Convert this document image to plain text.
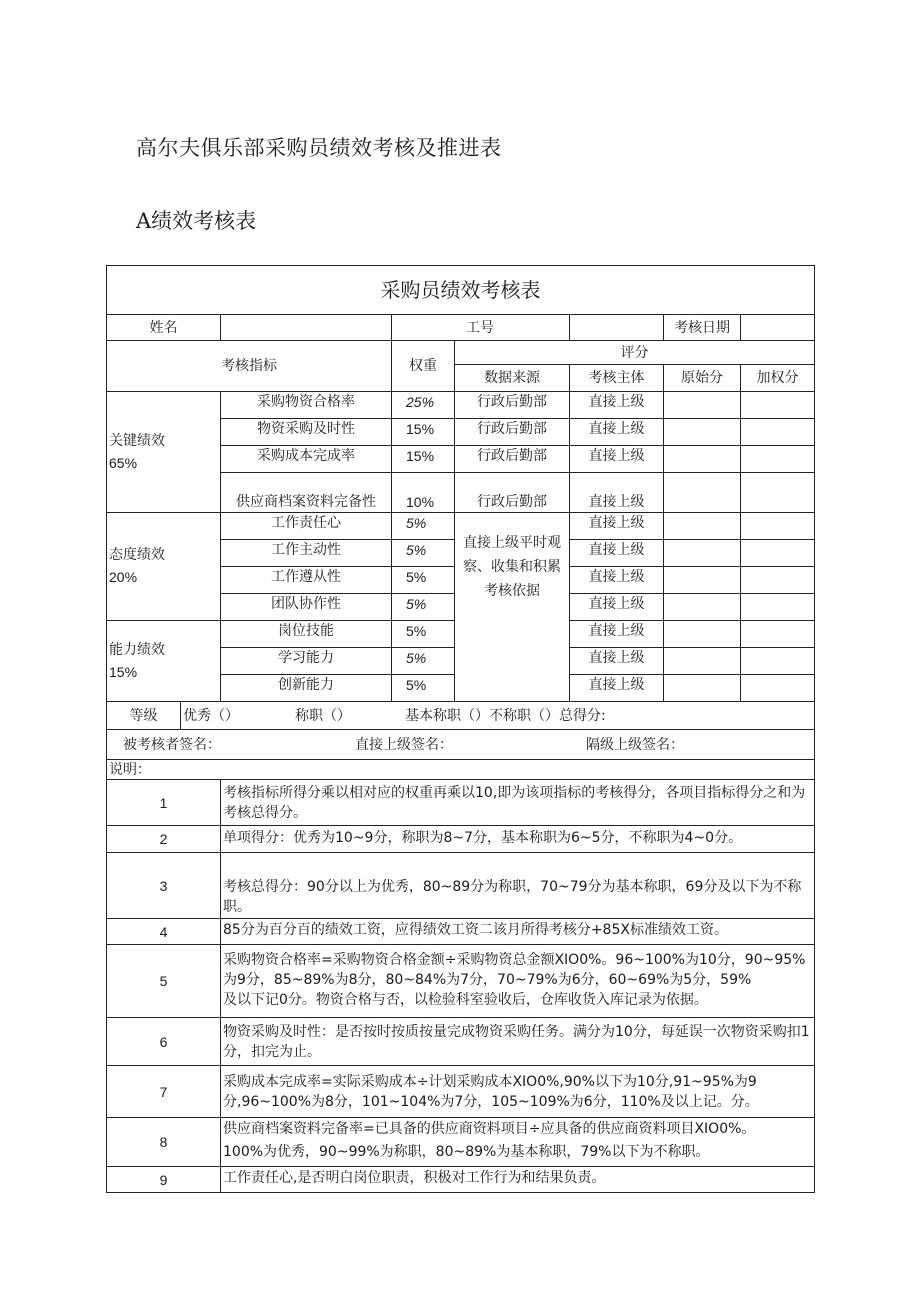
高尔夫俱乐部采购员绩效考核及推进表
A绩效考核表
采购员绩效考核表							
姓名			工号			考核日期	
考核指标			权重	评分			
				数据来源	考核主体	原始分	加权分
关键绩效
65%		采购物资合格率	25%	行政后勤部	直接上级		
		物资采购及时性	15%	行政后勤部	直接上级		
		采购成本完成率	15%	行政后勤部	直接上级		
		供应商档案资料完备性	10%	行政后勤部	直接上级		
态度绩效
20%		工作责任心	5%	直接上级平时观察、收集和积累考核依据	直接上级		
		工作主动性	5%		直接上级		
		工作遵从性	5%		直接上级		
		团队协作性	5%		直接上级		
能力绩效
15%		岗位技能	5%		直接上级		
		学习能力	5%		直接上级		
		创新能力	5%		直接上级		
等级	优秀（） 称职（） 基本称职（）不称职（）总得分:						
被考核者签名： 直接上级签名： 隔级上级签名：							
说明：							
1		考核指标所得分乘以相对应的权重再乘以10,即为该项指标的考核得分，各项目指标得分之和为考核总得分。					

2		单项得分：优秀为10~9分，称职为8~7分，基本称职为6~5分，不称职为4~0分。					

3		考核总得分：90分以上为优秀，80~89分为称职，70~79分为基本称职，69分及以下为不称职。					

4		85分为百分百的绩效工资，应得绩效工资二该月所得考核分+85X标准绩效工资。					

5		采购物资合格率=采购物资合格金额÷采购物资总金额XIO0%。96~100%为10分，90~95%为9分，85~89%为8分，80~84%为7分，70~79%为6分，60~69%为5分，59%
及以下记0分。物资合格与否，以检验科室验收后，仓库收货入库记录为依据。					

6		物资采购及时性：是否按时按质按量完成物资采购任务。满分为10分，每延误一次物资采购扣1分，扣完为止。					

7		采购成本完成率=实际采购成本÷计划采购成本XIO0%,90%以下为10分,91~95%为9分,96~100%为8分，101~104%为7分，105~109%为6分，110%及以上记。分。					

8		供应商档案资料完备率=已具备的供应商资料项目÷应具备的供应商资料项目XIO0%。
100%为优秀，90~99%为称职，80~89%为基本称职，79%以下为不称职。					

9		工作责任心,是否明白岗位职责，积极对工作行为和结果负责。					
